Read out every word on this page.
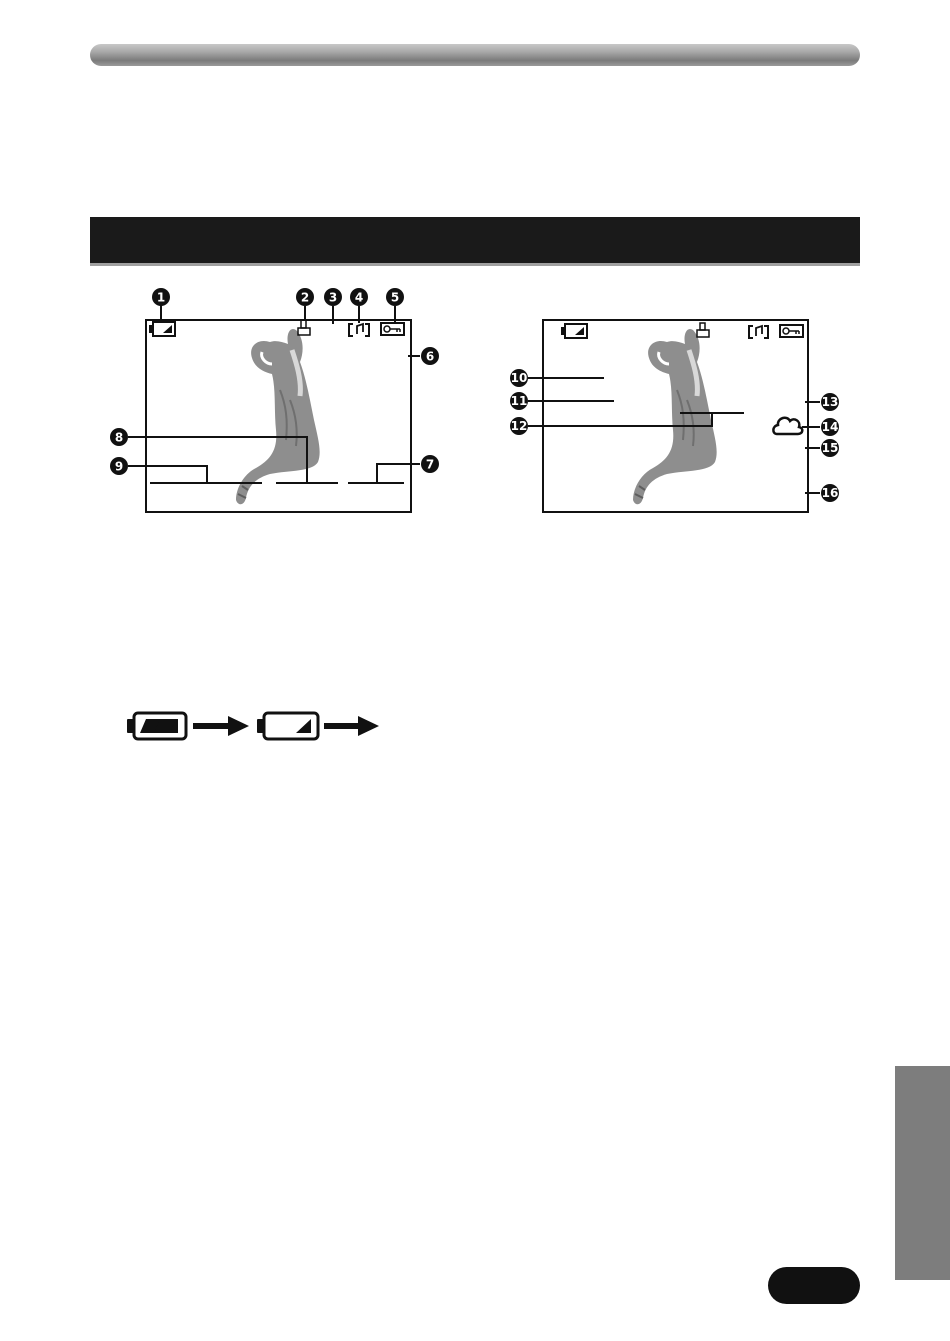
1	2 3 4 5
6
7
8
9
10
11
12
13
14
15
16
